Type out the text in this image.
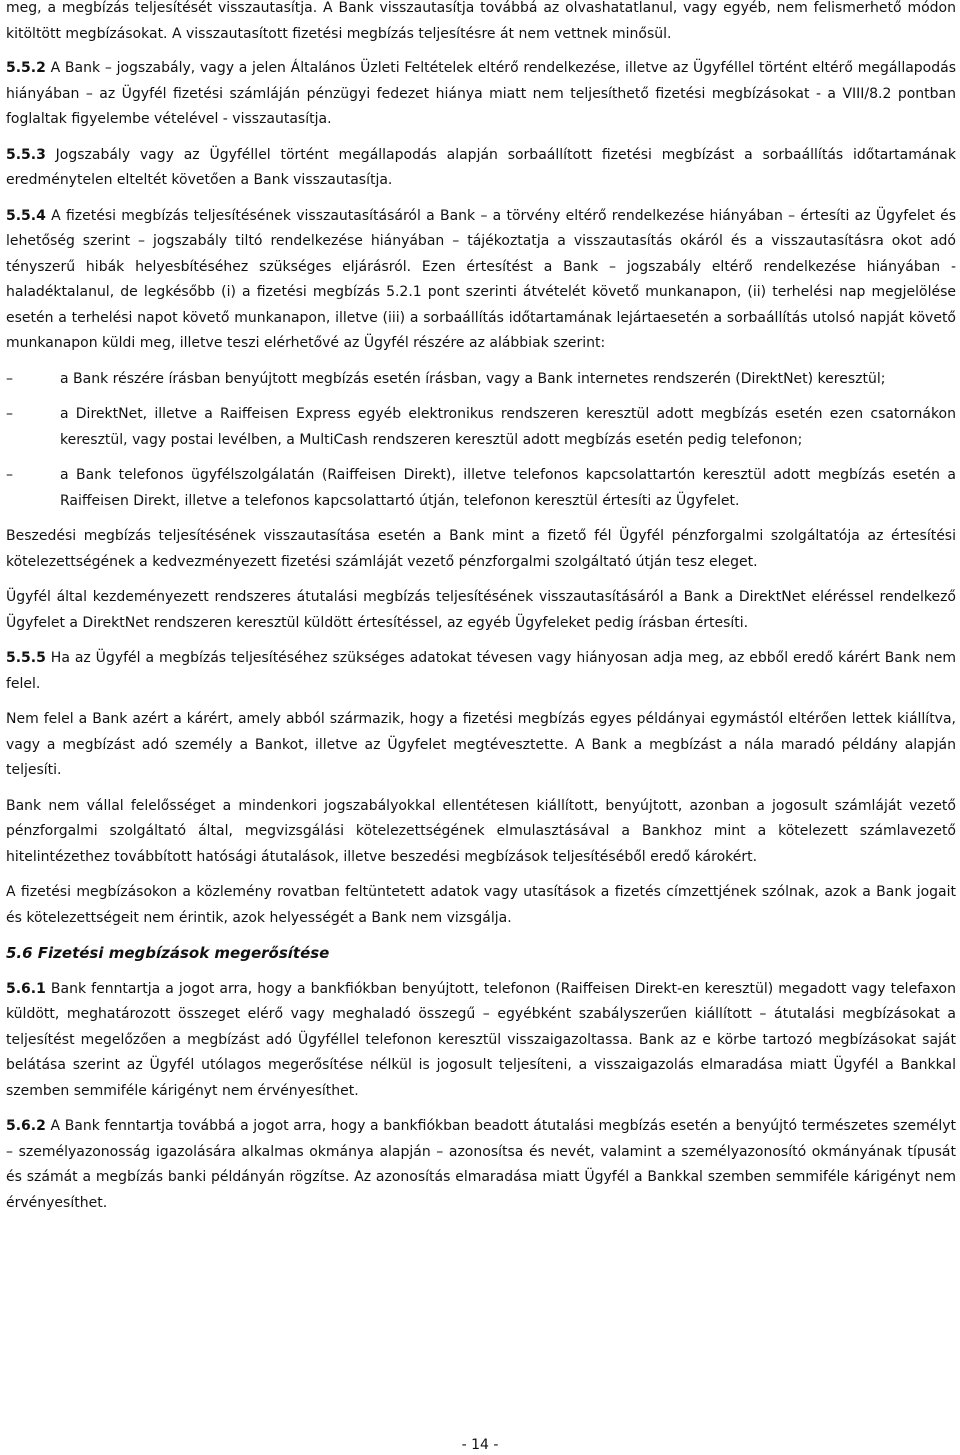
meg, a megbízás teljesítését visszautasítja. A Bank visszautasítja továbbá az olvashatatlanul, vagy egyéb, nem felismerhető módon kitöltött megbízásokat. A visszautasított fizetési megbízás teljesítésre át nem vettnek minősül.

5.5.2 A Bank – jogszabály, vagy a jelen Általános Üzleti Feltételek eltérő rendelkezése, illetve az Ügyféllel történt eltérő megállapodás hiányában – az Ügyfél fizetési számláján pénzügyi fedezet hiánya miatt nem teljesíthető fizetési megbízásokat - a VIII/8.2 pontban foglaltak figyelembe vételével - visszautasítja.

5.5.3 Jogszabály vagy az Ügyféllel történt megállapodás alapján sorbaállított fizetési megbízást a sorbaállítás időtartamának eredménytelen elteltét követően a Bank visszautasítja.

5.5.4 A fizetési megbízás teljesítésének visszautasításáról a Bank – a törvény eltérő rendelkezése hiányában – értesíti az Ügyfelet és lehetőség szerint – jogszabály tiltó rendelkezése hiányában – tájékoztatja a visszautasítás okáról és a visszautasításra okot adó tényszerű hibák helyesbítéséhez szükséges eljárásról. Ezen értesítést a Bank – jogszabály eltérő rendelkezése hiányában - haladéktalanul, de legkésőbb (i) a fizetési megbízás 5.2.1 pont szerinti átvételét követő munkanapon, (ii) terhelési nap megjelölése esetén a terhelési napot követő munkanapon, illetve (iii) a sorbaállítás időtartamának lejártaesetén a sorbaállítás utolsó napját követő munkanapon küldi meg, illetve teszi elérhetővé az Ügyfél részére az alábbiak szerint:

–	a Bank részére írásban benyújtott megbízás esetén írásban, vagy a Bank internetes rendszerén (DirektNet) keresztül;
–	a DirektNet, illetve a Raiffeisen Express egyéb elektronikus rendszeren keresztül adott megbízás esetén ezen csatornákon keresztül, vagy postai levélben, a MultiCash rendszeren keresztül adott megbízás esetén pedig telefonon;
–	a Bank telefonos ügyfélszolgálatán (Raiffeisen Direkt), illetve telefonos kapcsolattartón keresztül adott megbízás esetén a Raiffeisen Direkt, illetve a telefonos kapcsolattartó útján, telefonon keresztül értesíti az Ügyfelet.

Beszedési megbízás teljesítésének visszautasítása esetén a Bank mint a fizető fél Ügyfél pénzforgalmi szolgáltatója az értesítési kötelezettségének a kedvezményezett fizetési számláját vezető pénzforgalmi szolgáltató útján tesz eleget.

Ügyfél által kezdeményezett rendszeres átutalási megbízás teljesítésének visszautasításáról a Bank a DirektNet eléréssel rendelkező Ügyfelet a DirektNet rendszeren keresztül küldött értesítéssel, az egyéb Ügyfeleket pedig írásban értesíti.

5.5.5 Ha az Ügyfél a megbízás teljesítéséhez szükséges adatokat tévesen vagy hiányosan adja meg, az ebből eredő kárért Bank nem felel.

Nem felel a Bank azért a kárért, amely abból származik, hogy a fizetési megbízás egyes példányai egymástól eltérően lettek kiállítva, vagy a megbízást adó személy a Bankot, illetve az Ügyfelet megtévesztette. A Bank a megbízást a nála maradó példány alapján teljesíti.

Bank nem vállal felelősséget a mindenkori jogszabályokkal ellentétesen kiállított, benyújtott, azonban a jogosult számláját vezető pénzforgalmi szolgáltató által, megvizsgálási kötelezettségének elmulasztásával a Bankhoz mint a kötelezett számlavezető hitelintézethez továbbított hatósági átutalások, illetve beszedési megbízások teljesítéséből eredő károkért.

A fizetési megbízásokon a közlemény rovatban feltüntetett adatok vagy utasítások a fizetés címzettjének szólnak, azok a Bank jogait és kötelezettségeit nem érintik, azok helyességét a Bank nem vizsgálja.

5.6 Fizetési megbízások megerősítése

5.6.1 Bank fenntartja a jogot arra, hogy a bankfiókban benyújtott, telefonon (Raiffeisen Direkt-en keresztül) megadott vagy telefaxon küldött, meghatározott összeget elérő vagy meghaladó összegű – egyébként szabályszerűen kiállított – átutalási megbízásokat a teljesítést megelőzően a megbízást adó Ügyféllel telefonon keresztül visszaigazoltassa. Bank az e körbe tartozó megbízásokat saját belátása szerint az Ügyfél utólagos megerősítése nélkül is jogosult teljesíteni, a visszaigazolás elmaradása miatt Ügyfél a Bankkal szemben semmiféle kárigényt nem érvényesíthet.

5.6.2 A Bank fenntartja továbbá a jogot arra, hogy a bankfiókban beadott átutalási megbízás esetén a benyújtó természetes személyt – személyazonosság igazolására alkalmas okmánya alapján – azonosítsa és nevét, valamint a személyazonosító okmányának típusát és számát a megbízás banki példányán rögzítse. Az azonosítás elmaradása miatt Ügyfél a Bankkal szemben semmiféle kárigényt nem érvényesíthet.

- 14 -
